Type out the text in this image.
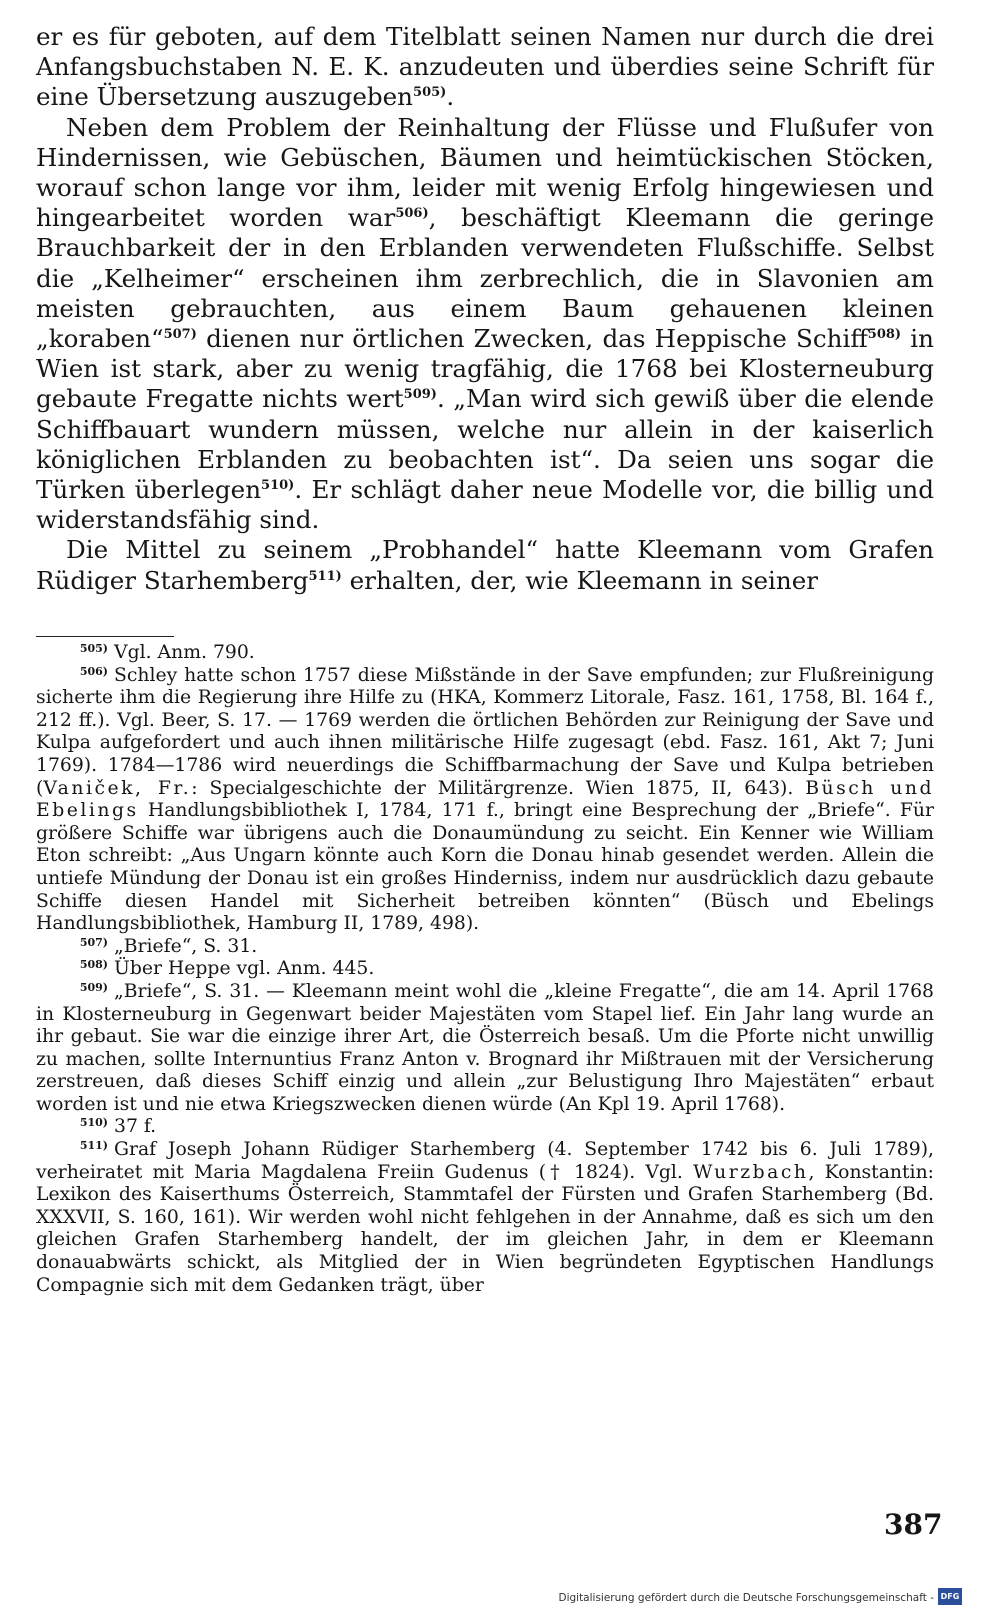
er es für geboten, auf dem Titelblatt seinen Namen nur durch die drei Anfangsbuchstaben N. E. K. anzudeuten und überdies seine Schrift für eine Übersetzung auszugeben$^{505)}$.

Neben dem Problem der Reinhaltung der Flüsse und Flußufer von Hindernissen, wie Gebüschen, Bäumen und heimtückischen Stöcken, worauf schon lange vor ihm, leider mit wenig Erfolg hingewiesen und hingearbeitet worden war$^{506)}$, beschäftigt Kleemann die geringe Brauchbarkeit der in den Erblanden verwendeten Flußschiffe. Selbst die „Kelheimer“ erscheinen ihm zerbrechlich, die in Slavonien am meisten gebrauchten, aus einem Baum gehauenen kleinen „koraben“$^{507)}$ dienen nur örtlichen Zwecken, das Heppische Schiff$^{508)}$ in Wien ist stark, aber zu wenig tragfähig, die 1768 bei Klosterneuburg gebaute Fregatte nichts wert$^{509)}$. „Man wird sich gewiß über die elende Schiffbauart wundern müssen, welche nur allein in der kaiserlich königlichen Erblanden zu beobachten ist“. Da seien uns sogar die Türken überlegen$^{510)}$. Er schlägt daher neue Modelle vor, die billig und widerstandsfähig sind.

Die Mittel zu seinem „Probhandel“ hatte Kleemann vom Grafen Rüdiger Starhemberg$^{511)}$ erhalten, der, wie Kleemann in seiner

505) Vgl. Anm. 790.

506) Schley hatte schon 1757 diese Mißstände in der Save empfunden; zur Flußreinigung sicherte ihm die Regierung ihre Hilfe zu (HKA, Kommerz Litorale, Fasz. 161, 1758, Bl. 164 f., 212 ff.). Vgl. Beer, S. 17. — 1769 werden die örtlichen Behörden zur Reinigung der Save und Kulpa aufgefordert und auch ihnen militärische Hilfe zugesagt (ebd. Fasz. 161, Akt 7; Juni 1769). 1784—1786 wird neuerdings die Schiffbarmachung der Save und Kulpa betrieben (Vaniček, Fr.: Specialgeschichte der Militärgrenze. Wien 1875, II, 643). Büsch und Ebelings Handlungsbibliothek I, 1784, 171 f., bringt eine Besprechung der „Briefe“. Für größere Schiffe war übrigens auch die Donaumündung zu seicht. Ein Kenner wie William Eton schreibt: „Aus Ungarn könnte auch Korn die Donau hinab gesendet werden. Allein die untiefe Mündung der Donau ist ein großes Hinderniss, indem nur ausdrücklich dazu gebaute Schiffe diesen Handel mit Sicherheit betreiben könnten“ (Büsch und Ebelings Handlungsbibliothek, Hamburg II, 1789, 498).

507) „Briefe“, S. 31.

508) Über Heppe vgl. Anm. 445.

509) „Briefe“, S. 31. — Kleemann meint wohl die „kleine Fregatte“, die am 14. April 1768 in Klosterneuburg in Gegenwart beider Majestäten vom Stapel lief. Ein Jahr lang wurde an ihr gebaut. Sie war die einzige ihrer Art, die Österreich besaß. Um die Pforte nicht unwillig zu machen, sollte Internuntius Franz Anton v. Brognard ihr Mißtrauen mit der Versicherung zerstreuen, daß dieses Schiff einzig und allein „zur Belustigung Ihro Majestäten“ erbaut worden ist und nie etwa Kriegszwecken dienen würde (An Kpl 19. April 1768).

510) 37 f.

511) Graf Joseph Johann Rüdiger Starhemberg (4. September 1742 bis 6. Juli 1789), verheiratet mit Maria Magdalena Freiin Gudenus († 1824). Vgl. Wurzbach, Konstantin: Lexikon des Kaiserthums Österreich, Stammtafel der Fürsten und Grafen Starhemberg (Bd. XXXVII, S. 160, 161). Wir werden wohl nicht fehlgehen in der Annahme, daß es sich um den gleichen Grafen Starhemberg handelt, der im gleichen Jahr, in dem er Kleemann donauabwärts schickt, als Mitglied der in Wien begründeten Egyptischen Handlungs Compagnie sich mit dem Gedanken trägt, über

387
Digitalisierung gefördert durch die Deutsche Forschungsgemeinschaft - DFG
